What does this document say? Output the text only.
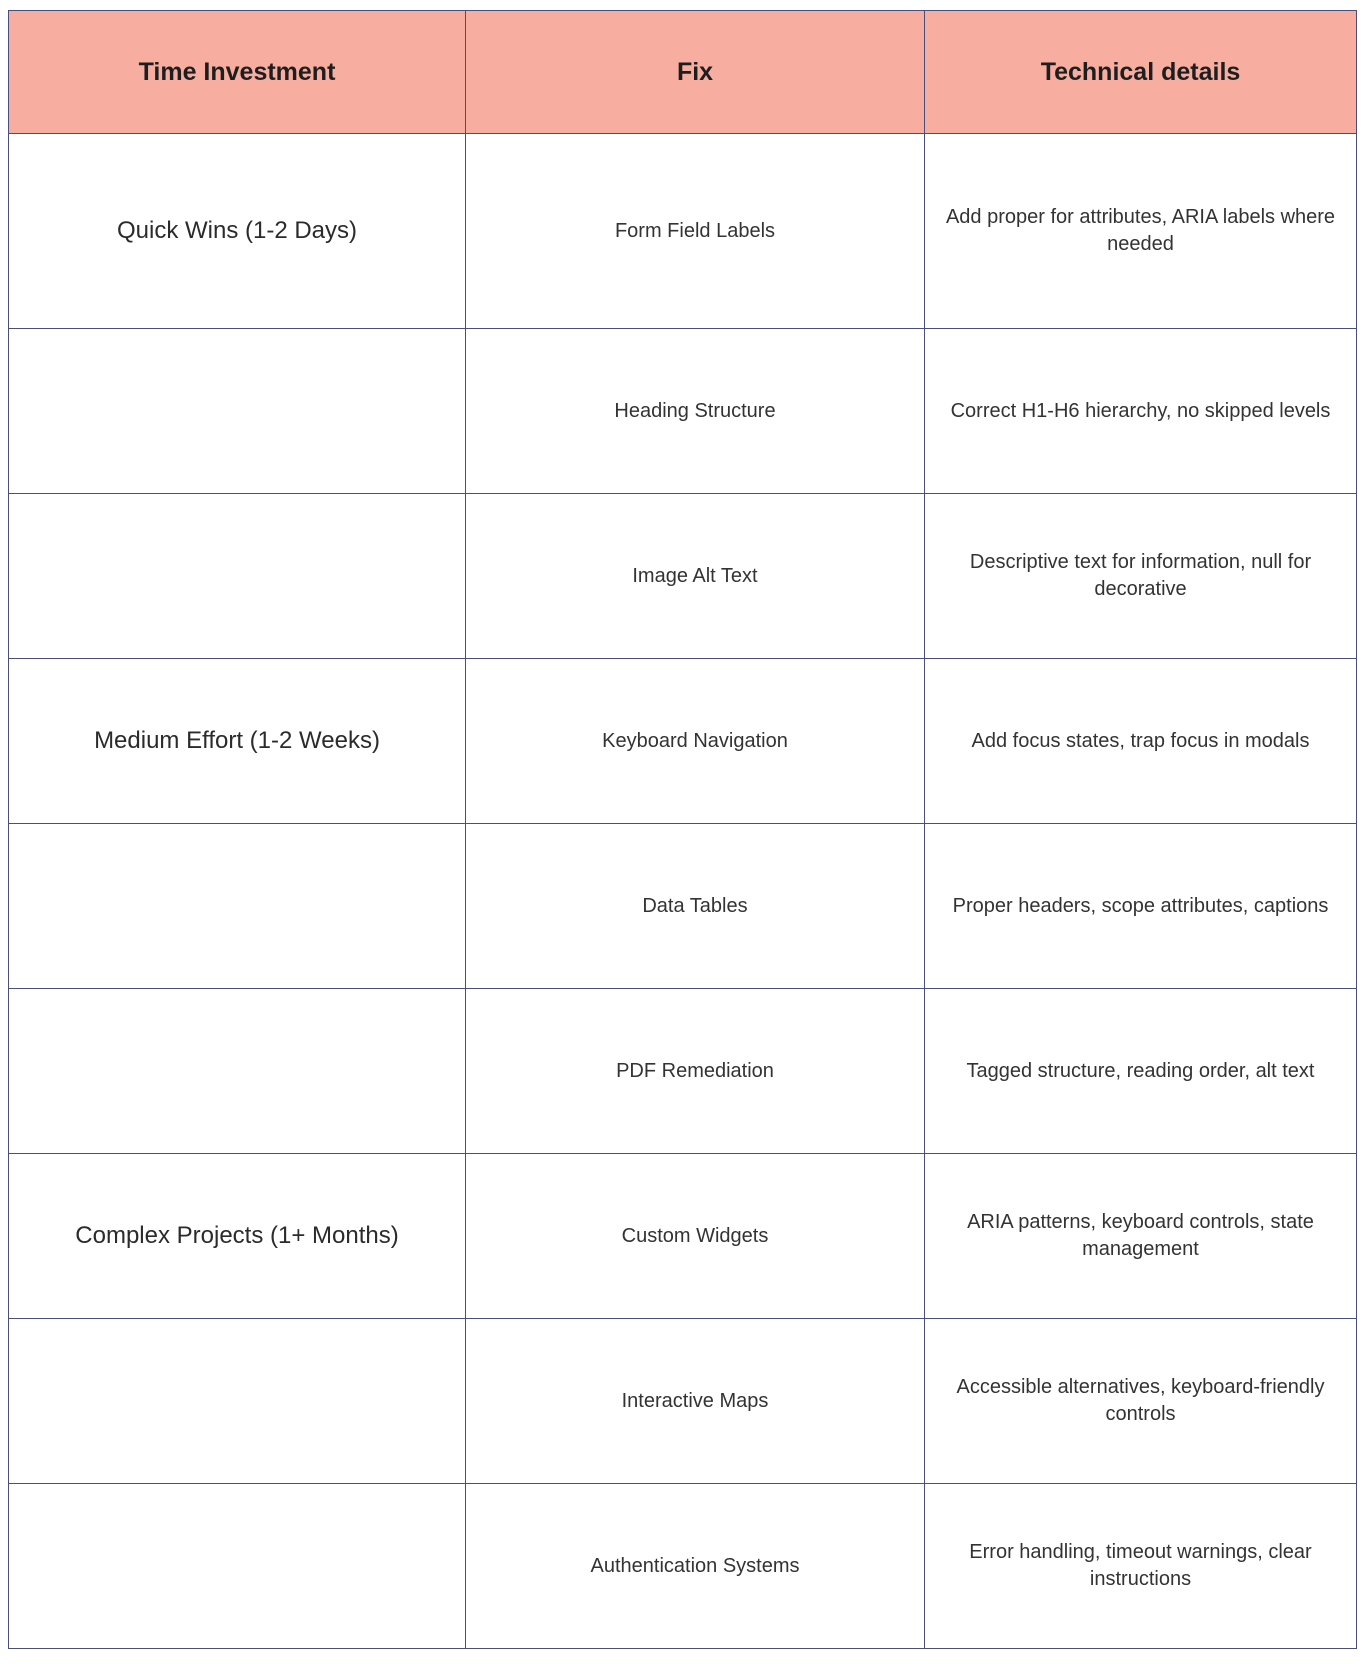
Time Investment	Fix	Technical details
Quick Wins (1-2 Days)	Form Field Labels	Add proper for attributes, ARIA labels where needed
	Heading Structure	Correct H1-H6 hierarchy, no skipped levels
	Image Alt Text	Descriptive text for information, null for decorative
Medium Effort (1-2 Weeks)	Keyboard Navigation	Add focus states, trap focus in modals
	Data Tables	Proper headers, scope attributes, captions
	PDF Remediation	Tagged structure, reading order, alt text
Complex Projects (1+ Months)	Custom Widgets	ARIA patterns, keyboard controls, state management
	Interactive Maps	Accessible alternatives, keyboard-friendly controls
	Authentication Systems	Error handling, timeout warnings, clear instructions
